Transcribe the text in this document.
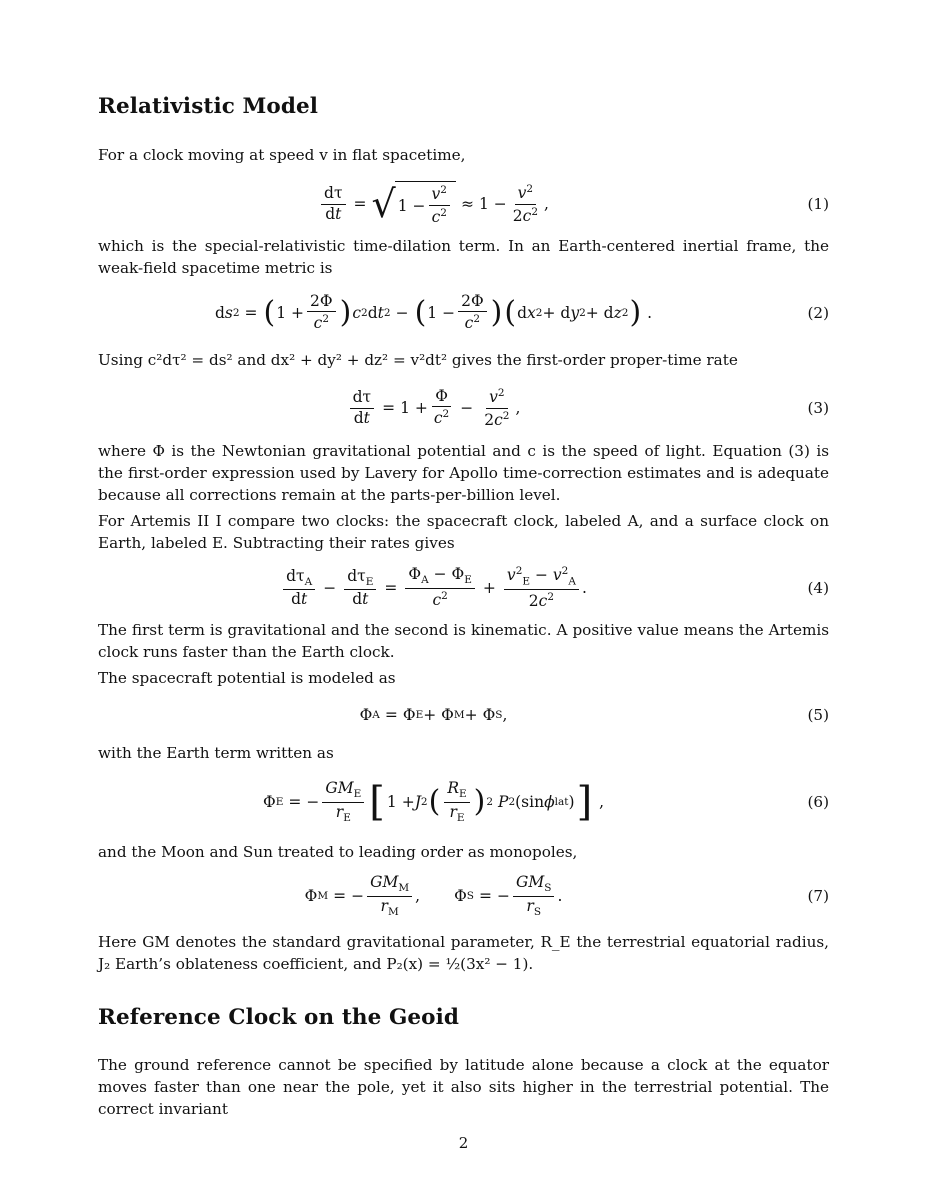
Relativistic Model

For a clock moving at speed v in flat spacetime,

$\frac{d\tau}{dt}$ = √ 1 −
$v^2$
$c^2 \approx 1 - \frac{v^2}{2c^2}$ ,	(1)

which is the special-relativistic time-dilation term. In an Earth-centered inertial frame, the weak-field spacetime metric is

d s 2 = ( 1 +
2Φ
$c^2$ ) c 2 d t 2 − ( 1 −
2Φ
$c^2$ ) ( d x 2 + d y 2 + d z 2 ) .	(2)

Using c²dτ² = ds² and dx² + dy² + dz² = v²dt² gives the first-order proper-time rate

$\frac{d\tau}{dt} = 1 + \frac{\Phi}{c^2} - \frac{v^2}{2c^2}$ ,	(3)

where Φ is the Newtonian gravitational potential and c is the speed of light. Equation (3) is the first-order expression used by Lavery for Apollo time-correction estimates and is adequate because all corrections remain at the parts-per-billion level.

For Artemis II I compare two clocks: the spacecraft clock, labeled A, and a surface clock on Earth, labeled E. Subtracting their rates gives

$d\tau_A$
dt
−
$d\tau_E$
dt
= $\frac{\Phi_A - \Phi_E}{c^2} + \frac{v^2_E - v^2_A}{2c^2}$ .	(4)

The first term is gravitational and the second is kinematic. A positive value means the Artemis clock runs faster than the Earth clock.

The spacecraft potential is modeled as

Φ A = Φ E + Φ M + Φ S ,	(5)

with the Earth term written as

Φ E = −
$GM_E$
$r_E$ [ 1 + J 2 ( $R_E$
$r_E$ ) 2
P 2 (sin ϕ lat ) ] ,	(6)

and the Moon and Sun treated to leading order as monopoles,

Φ M = −
$GM_M$
$r_M$
,
Φ S = −
$GM_S$
$r_S$
.	(7)

Here GM denotes the standard gravitational parameter, R_E the terrestrial equatorial radius, J₂ Earth’s oblateness coefficient, and P₂(x) = ½(3x² − 1).

Reference Clock on the Geoid

The ground reference cannot be specified by latitude alone because a clock at the equator moves faster than one near the pole, yet it also sits higher in the terrestrial potential. The correct invariant

2
